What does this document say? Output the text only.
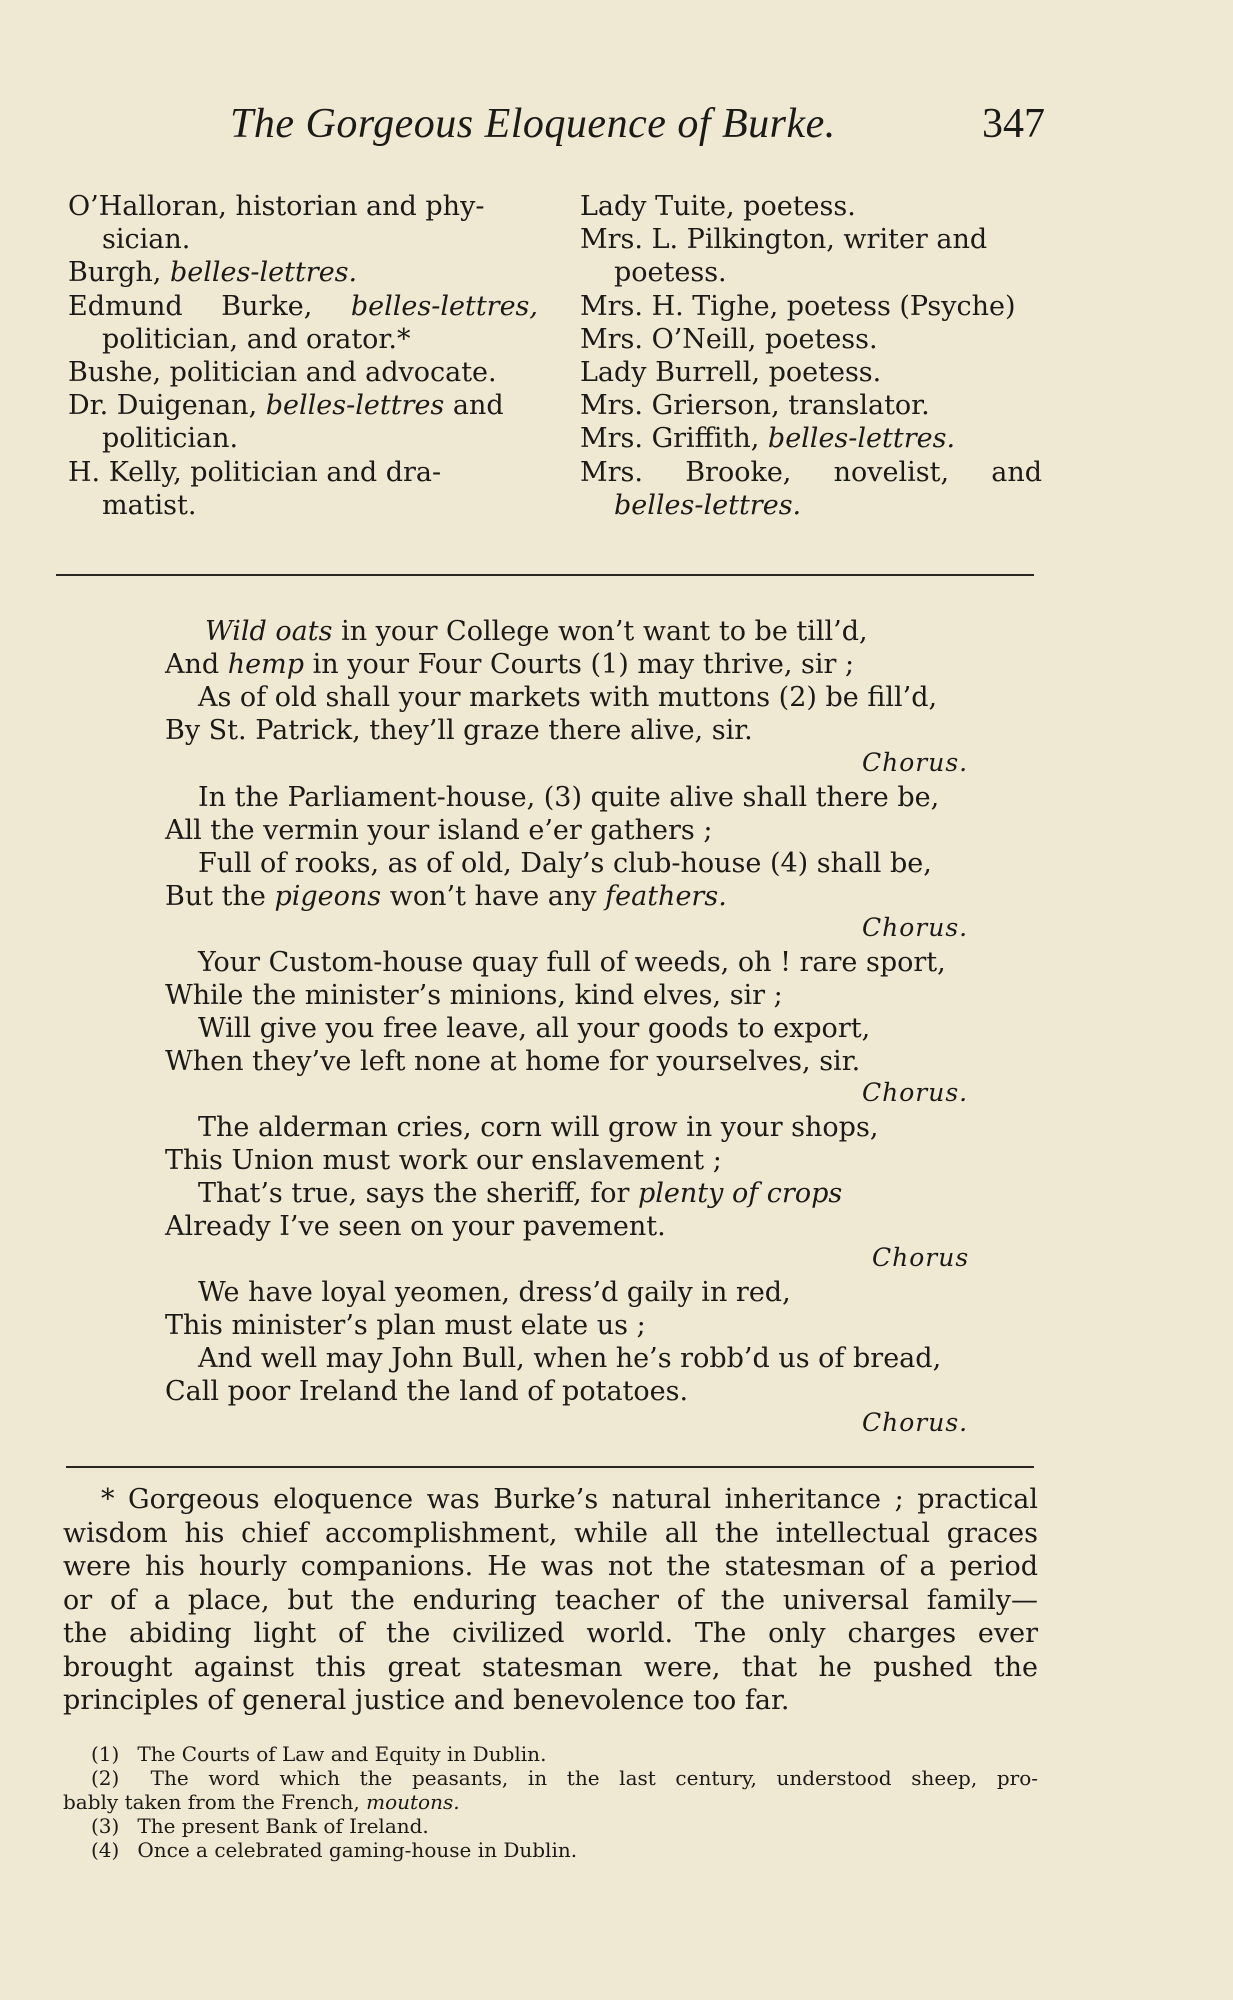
The Gorgeous Eloquence of Burke.	347
O’Halloran, historian and phy-
sician.
Burgh, belles-lettres.
Edmund Burke, belles-lettres,
politician, and orator.*
Bushe, politician and advocate.
Dr. Duigenan, belles-lettres and
politician.
H. Kelly, politician and dra-
matist.
Lady Tuite, poetess.
Mrs. L. Pilkington, writer and
poetess.
Mrs. H. Tighe, poetess (Psyche)
Mrs. O’Neill, poetess.
Lady Burrell, poetess.
Mrs. Grierson, translator.
Mrs. Griffith, belles-lettres.
Mrs. Brooke, novelist, and
belles-lettres.
Wild oats in your College won’t want to be till’d,
And hemp in your Four Courts (1) may thrive, sir ;
As of old shall your markets with muttons (2) be fill’d,
By St. Patrick, they’ll graze there alive, sir.
Chorus.
In the Parliament-house, (3) quite alive shall there be,
All the vermin your island e’er gathers ;
Full of rooks, as of old, Daly’s club-house (4) shall be,
But the pigeons won’t have any feathers.
Chorus.
Your Custom-house quay full of weeds, oh ! rare sport,
While the minister’s minions, kind elves, sir ;
Will give you free leave, all your goods to export,
When they’ve left none at home for yourselves, sir.
Chorus.
The alderman cries, corn will grow in your shops,
This Union must work our enslavement ;
That’s true, says the sheriff, for plenty of crops
Already I’ve seen on your pavement.
Chorus
We have loyal yeomen, dress’d gaily in red,
This minister’s plan must elate us ;
And well may John Bull, when he’s robb’d us of bread,
Call poor Ireland the land of potatoes.
Chorus.
* Gorgeous eloquence was Burke’s natural inheritance ; practical
wisdom his chief accomplishment, while all the intellectual graces
were his hourly companions. He was not the statesman of a period
or of a place, but the enduring teacher of the universal family—
the abiding light of the civilized world. The only charges ever
brought against this great statesman were, that he pushed the
principles of general justice and benevolence too far.
(1) The Courts of Law and Equity in Dublin.
(2) The word which the peasants, in the last century, understood sheep, pro-
bably taken from the French, moutons.
(3) The present Bank of Ireland.
(4) Once a celebrated gaming-house in Dublin.
